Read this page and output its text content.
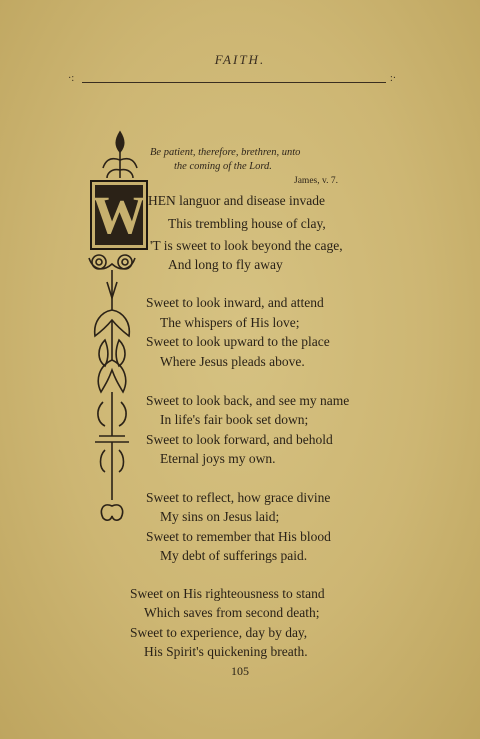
FAITH.
·:	:·
Be patient, therefore, brethren, unto
the coming of the Lord.
James, v. 7.
W HEN languor and disease invade
This trembling house of clay,
'T is sweet to look beyond the cage,
And long to fly away
Sweet to look inward, and attend
The whispers of His love;
Sweet to look upward to the place
Where Jesus pleads above.
Sweet to look back, and see my name
In life's fair book set down;
Sweet to look forward, and behold
Eternal joys my own.
Sweet to reflect, how grace divine
My sins on Jesus laid;
Sweet to remember that His blood
My debt of sufferings paid.
Sweet on His righteousness to stand
Which saves from second death;
Sweet to experience, day by day,
His Spirit's quickening breath.
105
